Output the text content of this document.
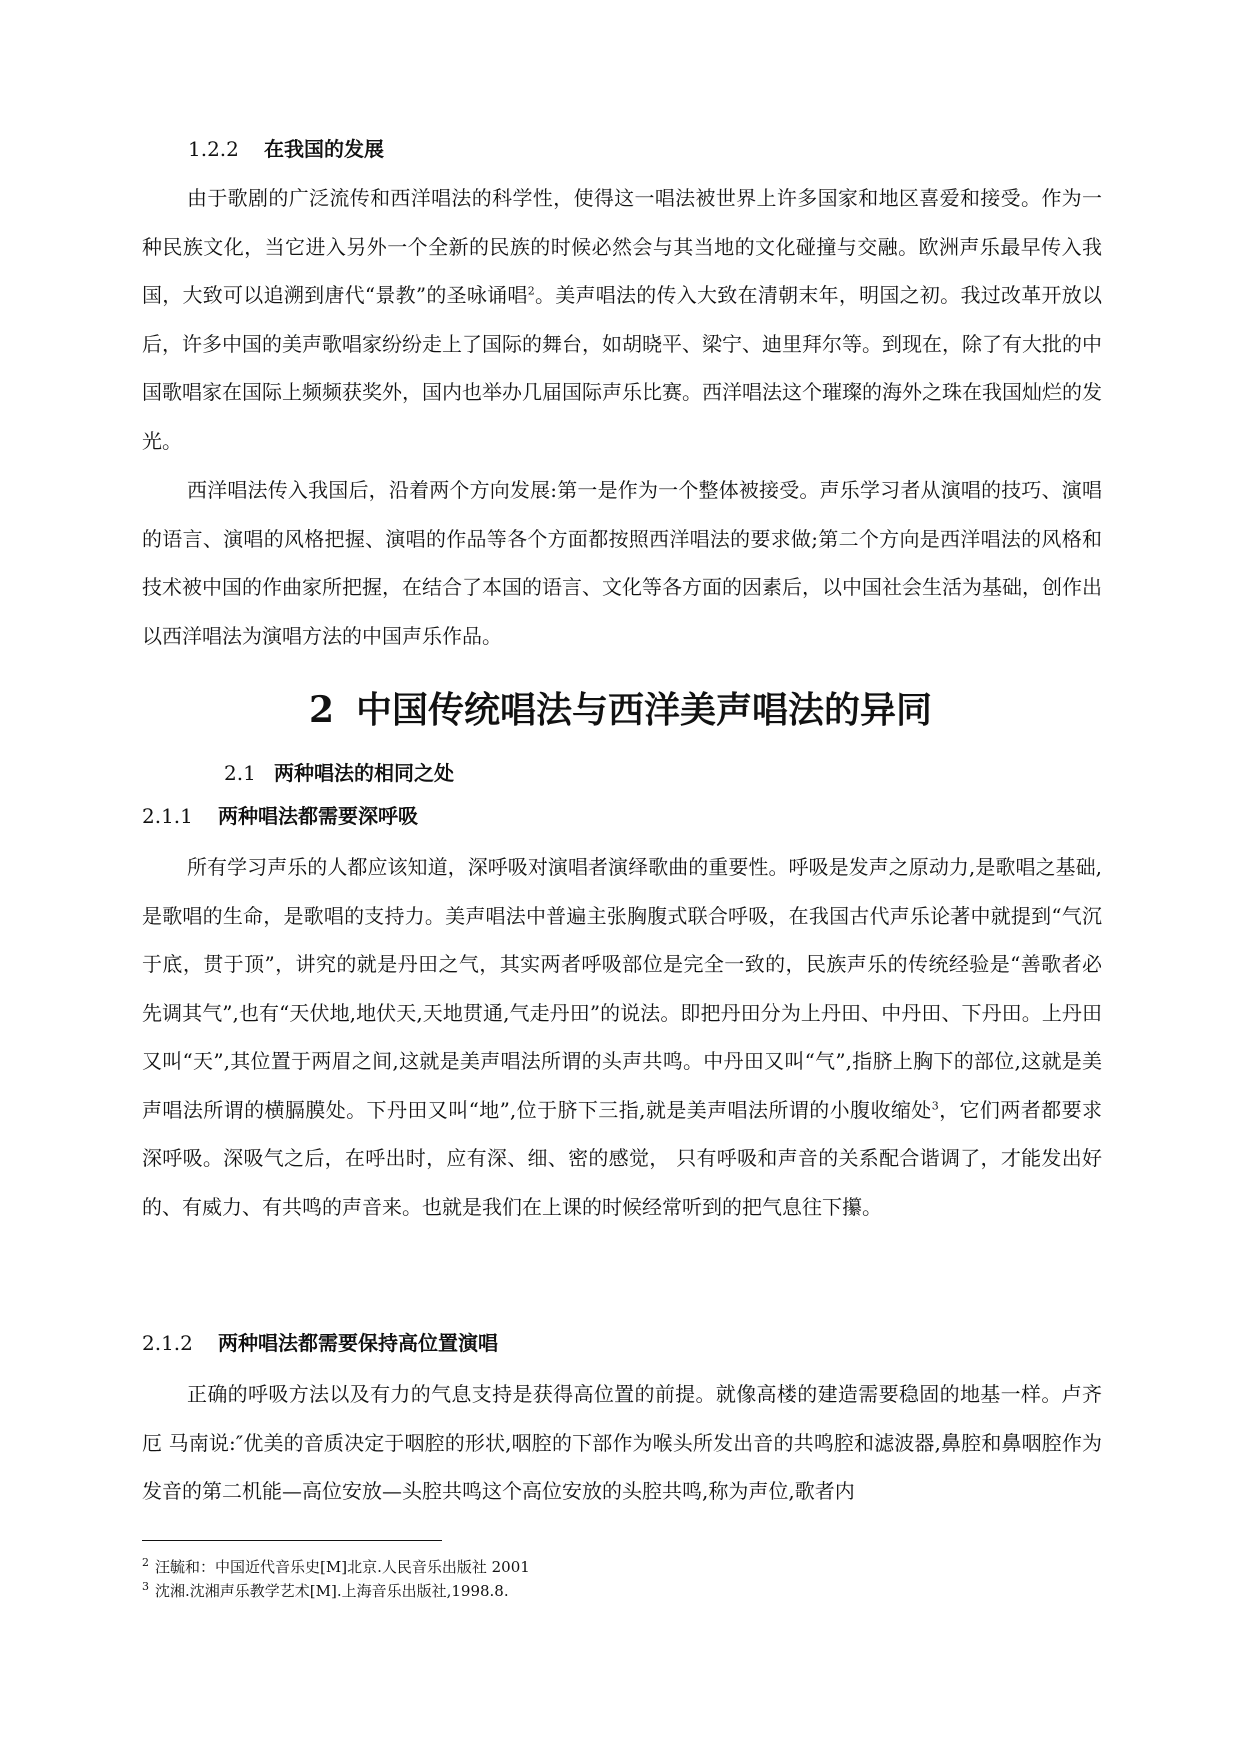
1.2.2 在我国的发展

由于歌剧的广泛流传和西洋唱法的科学性，使得这一唱法被世界上许多国家和地区喜爱和接受。作为一种民族文化，当它进入另外一个全新的民族的时候必然会与其当地的文化碰撞与交融。欧洲声乐最早传入我国，大致可以追溯到唐代“景教”的圣咏诵唱$^2$。美声唱法的传入大致在清朝末年，明国之初。我过改革开放以后，许多中国的美声歌唱家纷纷走上了国际的舞台，如胡晓平、梁宁、迪里拜尔等。到现在，除了有大批的中国歌唱家在国际上频频获奖外，国内也举办几届国际声乐比赛。西洋唱法这个璀璨的海外之珠在我国灿烂的发光。

西洋唱法传入我国后，沿着两个方向发展:第一是作为一个整体被接受。声乐学习者从演唱的技巧、演唱的语言、演唱的风格把握、演唱的作品等各个方面都按照西洋唱法的要求做;第二个方向是西洋唱法的风格和技术被中国的作曲家所把握，在结合了本国的语言、文化等各方面的因素后，以中国社会生活为基础，创作出以西洋唱法为演唱方法的中国声乐作品。

2 中国传统唱法与西洋美声唱法的异同
2.1 两种唱法的相同之处
2.1.1 两种唱法都需要深呼吸

所有学习声乐的人都应该知道，深呼吸对演唱者演绎歌曲的重要性。呼吸是发声之原动力,是歌唱之基础,是歌唱的生命，是歌唱的支持力。美声唱法中普遍主张胸腹式联合呼吸，在我国古代声乐论著中就提到“气沉于底，贯于顶”，讲究的就是丹田之气，其实两者呼吸部位是完全一致的，民族声乐的传统经验是“善歌者必先调其气”,也有“天伏地,地伏天,天地贯通,气走丹田”的说法。即把丹田分为上丹田、中丹田、下丹田。上丹田又叫“天”,其位置于两眉之间,这就是美声唱法所谓的头声共鸣。中丹田又叫“气”,指脐上胸下的部位,这就是美声唱法所谓的横膈膜处。下丹田又叫“地”,位于脐下三指,就是美声唱法所谓的小腹收缩处$^3$，它们两者都要求深呼吸。深吸气之后，在呼出时，应有深、细、密的感觉， 只有呼吸和声音的关系配合谐调了，才能发出好的、有威力、有共鸣的声音来。也就是我们在上课的时候经常听到的把气息往下攥。

2.1.2 两种唱法都需要保持高位置演唱

正确的呼吸方法以及有力的气息支持是获得高位置的前提。就像高楼的建造需要稳固的地基一样。卢齐厄 马南说:″优美的音质决定于咽腔的形状,咽腔的下部作为喉头所发出音的共鸣腔和滤波器,鼻腔和鼻咽腔作为发音的第二机能—高位安放—头腔共鸣这个高位安放的头腔共鸣,称为声位,歌者内

$^2$ 汪毓和：中国近代音乐史[M]北京.人民音乐出版社 2001
$^3$ 沈湘.沈湘声乐教学艺术[M].上海音乐出版社,1998.8.
